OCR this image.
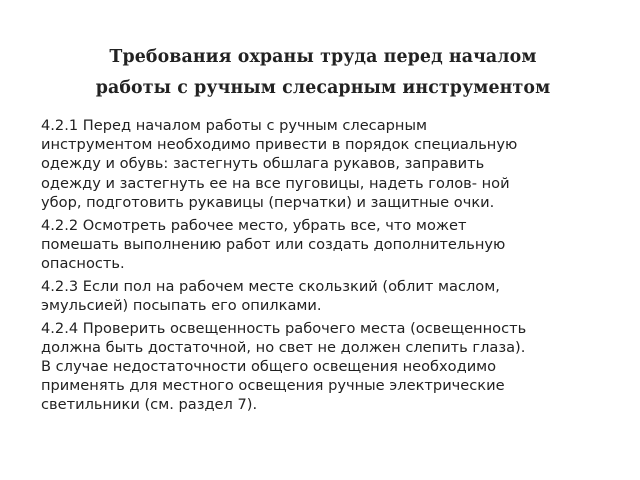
Требования охраны труда перед началом
работы с ручным слесарным инструментом
4.2.1 Перед началом работы с ручным слесарным
инструментом необходимо привести в порядок специальную
одежду и обувь: застегнуть обшлага рукавов, заправить
одежду и застегнуть ее на все пуговицы, надеть голов- ной
убор, подготовить рукавицы (перчатки) и защитные очки.
4.2.2 Осмотреть рабочее место, убрать все, что может
помешать выполнению работ или создать дополнительную
опасность.
4.2.3 Если пол на рабочем месте скользкий (облит маслом,
эмульсией) посыпать его опилками.
4.2.4 Проверить освещенность рабочего места (освещенность
должна быть достаточной, но свет не должен слепить глаза).
В случае недостаточности общего освещения необходимо
применять для местного освещения ручные электрические
светильники (см. раздел 7).
